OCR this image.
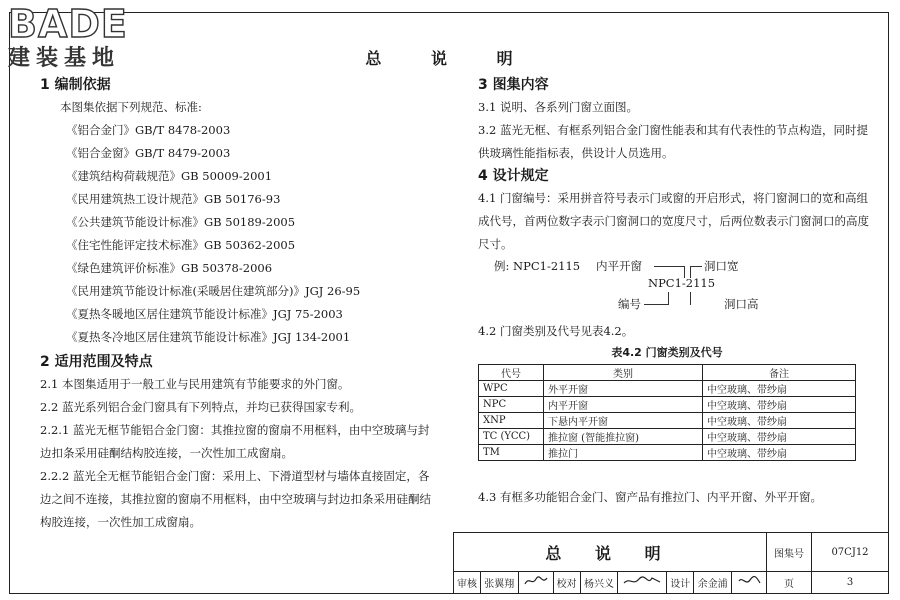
BADE
建装基地	总 说 明
1 编制依据

本图集依据下列规范、标准:

《铝合金门》GB/T 8478-2003

《铝合金窗》GB/T 8479-2003

《建筑结构荷载规范》GB 50009-2001

《民用建筑热工设计规范》GB 50176-93

《公共建筑节能设计标准》GB 50189-2005

《住宅性能评定技术标准》GB 50362-2005

《绿色建筑评价标准》GB 50378-2006

《民用建筑节能设计标准(采暖居住建筑部分)》JGJ 26-95

《夏热冬暖地区居住建筑节能设计标准》JGJ 75-2003

《夏热冬冷地区居住建筑节能设计标准》JGJ 134-2001

2 适用范围及特点

2.1 本图集适用于一般工业与民用建筑有节能要求的外门窗。

2.2 蓝光系列铝合金门窗具有下列特点，并均已获得国家专利。

2.2.1 蓝光无框节能铝合金门窗：其推拉窗的窗扇不用框料，由中空玻璃与封边扣条采用硅酮结构胶连接，一次性加工成窗扇。

2.2.2 蓝光全无框节能铝合金门窗：采用上、下滑道型材与墙体直接固定，各边之间不连接，其推拉窗的窗扇不用框料，由中空玻璃与封边扣条采用硅酮结构胶连接，一次性加工成窗扇。

3 图集内容

3.1 说明、各系列门窗立面图。

3.2 蓝光无框、有框系列铝合金门窗性能表和其有代表性的节点构造，同时提供玻璃性能指标表，供设计人员选用。

4 设计规定

4.1 门窗编号：采用拼音符号表示门或窗的开启形式，将门窗洞口的宽和高组成代号，首两位数字表示门窗洞口的宽度尺寸，后两位数表示门窗洞口的高度尺寸。

例: NPC1-2115 内平开窗	洞口宽
NPC1-2115
编号	洞口高

4.2 门窗类别及代号见表4.2。

表4.2 门窗类别及代号
代号	类别	备注
WPC	外平开窗	中空玻璃、带纱扇
NPC	内平开窗	中空玻璃、带纱扇
XNP	下悬内平开窗	中空玻璃、带纱扇
TC (YCC)	推拉窗 (智能推拉窗)	中空玻璃、带纱扇
TM	推拉门	中空玻璃、带纱扇

4.3 有框多功能铝合金门、窗产品有推拉门、内平开窗、外平开窗。

总 说 明									图集号	07CJ12
审核	张翼翔		校对	杨兴义		设计	余金浦		页	3
